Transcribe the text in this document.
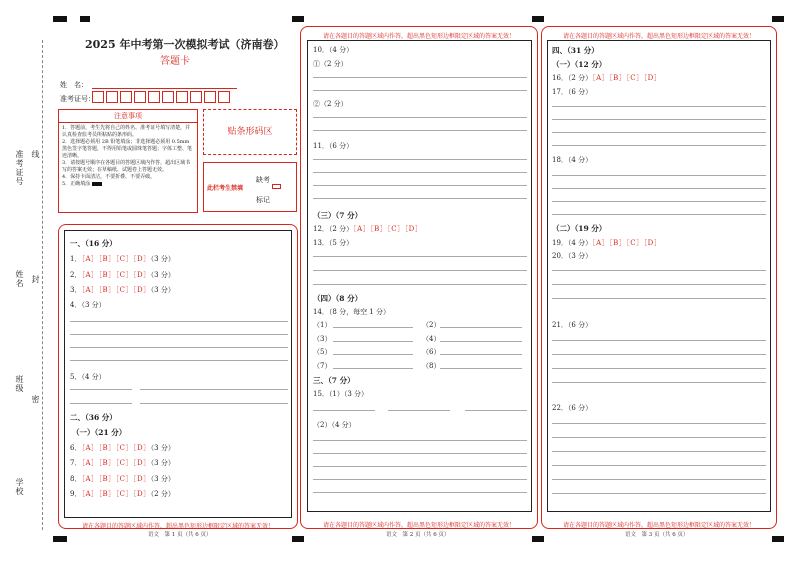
准考证号 线
姓名 封
班级
密
学校
2025 年中考第一次模拟考试（济南卷）
答题卡
姓　名：
准考证号：
注意事项
1．答题前，考生先将自己的姓名、准考证号填写清楚，并认真检查监考员所粘贴的条形码。
2．选择题必须用 2B 铅笔填涂；非选择题必须用 0.5mm 黑色签字笔答题，不得用铅笔或圆珠笔答题；字体工整、笔迹清晰。
3．请按题号顺序在各题目的答题区域内作答，超出区域书写的答案无效；在草稿纸、试题卷上答题无效。
4．保持卡面清洁，不要折叠、不要弄破。
5．正确填涂
贴条形码区
此栏考生禁填
缺考
标记
一、（16 分）
1．［A］［B］［C］［D］（3 分）
2．［A］［B］［C］［D］（3 分）
3．［A］［B］［C］［D］（3 分）
4．（3 分）
5．（4 分）
二、（36 分）
（一）（21 分）
6．［A］［B］［C］［D］（3 分）
7．［A］［B］［C］［D］（3 分）
8．［A］［B］［C］［D］（3 分）
9．［A］［B］［C］［D］（2 分）
请在各题目的答题区域内作答，超出黑色矩形边框限定区域的答案无效！
语文　第 1 页（共 6 页）
请在各题目的答题区域内作答，超出黑色矩形边框限定区域的答案无效！
10．（4 分）
①（2 分）
②（2 分）
11．（6 分）
（三）（7 分）
12．（2 分）［A］［B］［C］［D］
13．（5 分）
（四）（8 分）
14．（8 分，每空 1 分）
（1）	（2）
（3）	（4）
（5）	（6）
（7）	（8）
三、（7 分）
15．（1）（3 分）
（2）（4 分）
请在各题目的答题区域内作答，超出黑色矩形边框限定区域的答案无效！
语文　第 2 页（共 6 页）
请在各题目的答题区域内作答，超出黑色矩形边框限定区域的答案无效！
四、（31 分）
（一）（12 分）
16．（2 分）［A］［B］［C］［D］
17．（6 分）
18．（4 分）
（二）（19 分）
19．（4 分）［A］［B］［C］［D］
20．（3 分）
21．（6 分）
22．（6 分）
请在各题目的答题区域内作答，超出黑色矩形边框限定区域的答案无效！
语文　第 3 页（共 6 页）
